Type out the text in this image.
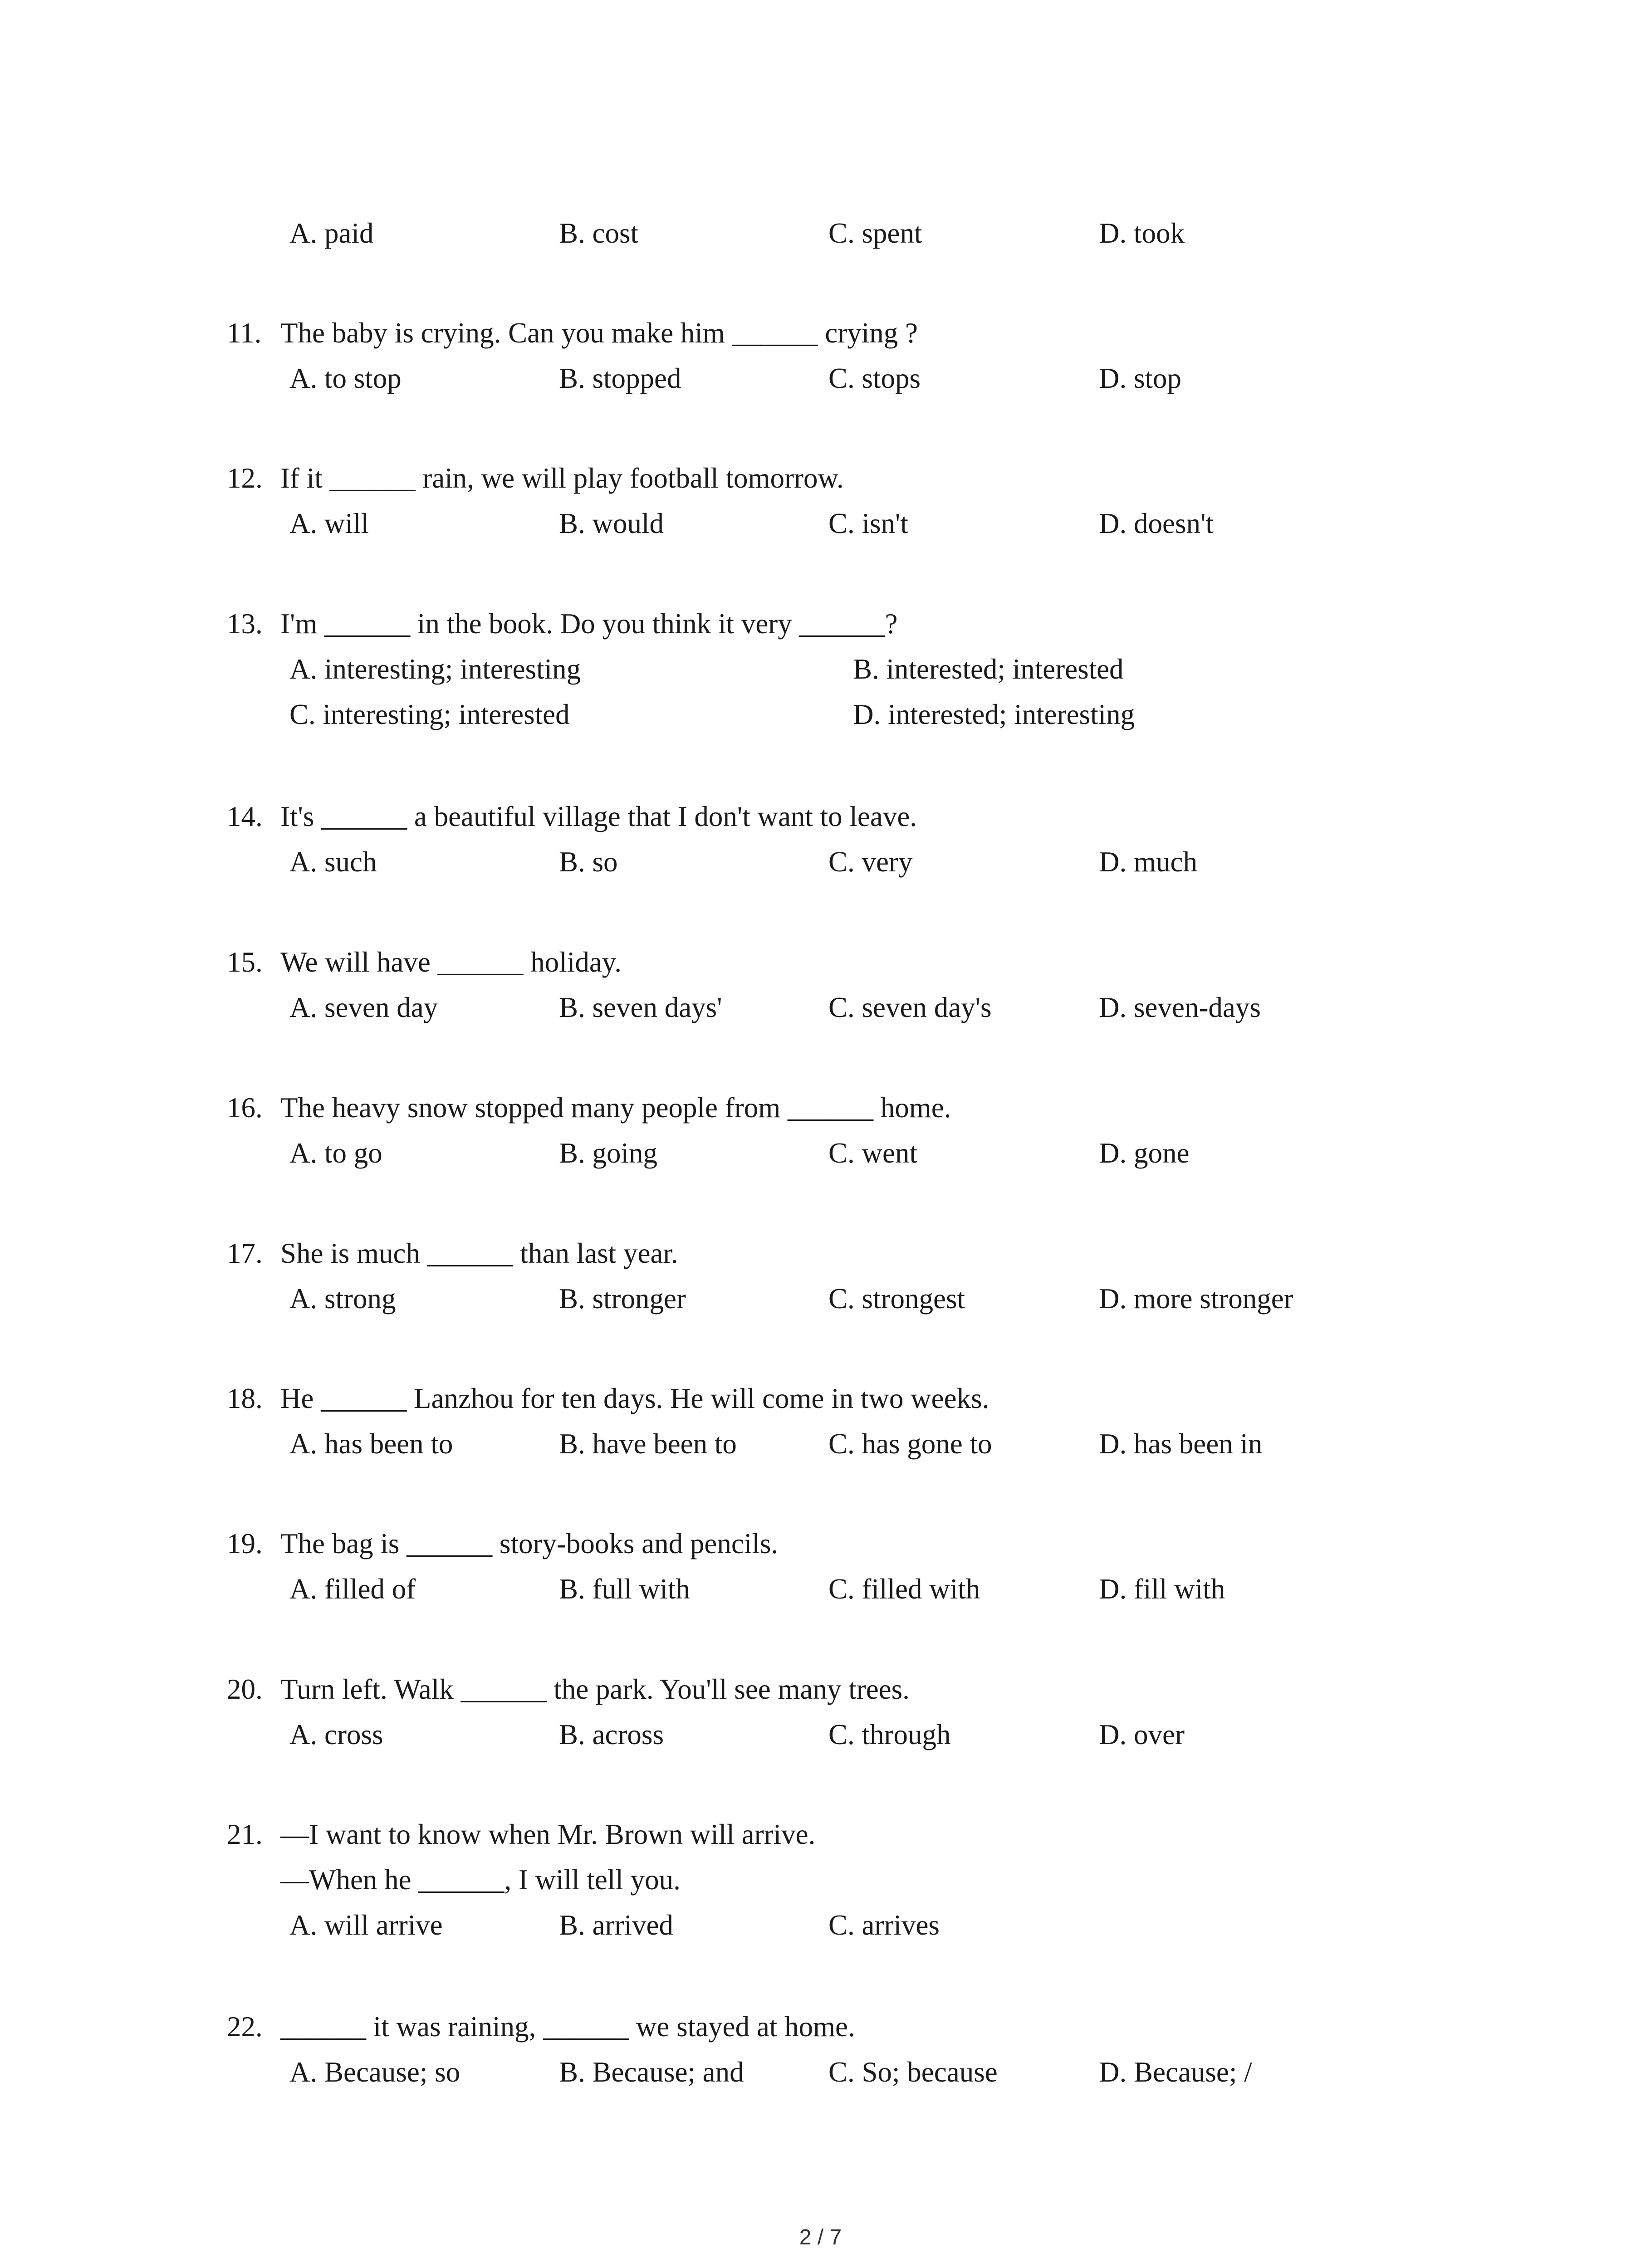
A. paid	B. cost	C. spent	D. took
11. The baby is crying. Can you make him ______ crying ?
A. to stop	B. stopped	C. stops	D. stop
12. If it ______ rain, we will play football tomorrow.
A. will	B. would	C. isn't	D. doesn't
13. I'm ______ in the book. Do you think it very ______?
A. interesting; interesting	B. interested; interested
C. interesting; interested	D. interested; interesting
14. It's ______ a beautiful village that I don't want to leave.
A. such	B. so	C. very	D. much
15. We will have ______ holiday.
A. seven day	B. seven days'	C. seven day's	D. seven-days
16. The heavy snow stopped many people from ______ home.
A. to go	B. going	C. went	D. gone
17. She is much ______ than last year.
A. strong	B. stronger	C. strongest	D. more stronger
18. He ______ Lanzhou for ten days. He will come in two weeks.
A. has been to	B. have been to	C. has gone to	D. has been in
19. The bag is ______ story-books and pencils.
A. filled of	B. full with	C. filled with	D. fill with
20. Turn left. Walk ______ the park. You'll see many trees.
A. cross	B. across	C. through	D. over
21. —I want to know when Mr. Brown will arrive.
—When he ______, I will tell you.
A. will arrive	B. arrived	C. arrives
22. ______ it was raining, ______ we stayed at home.
A. Because; so	B. Because; and	C. So; because	D. Because; /
2 / 7
